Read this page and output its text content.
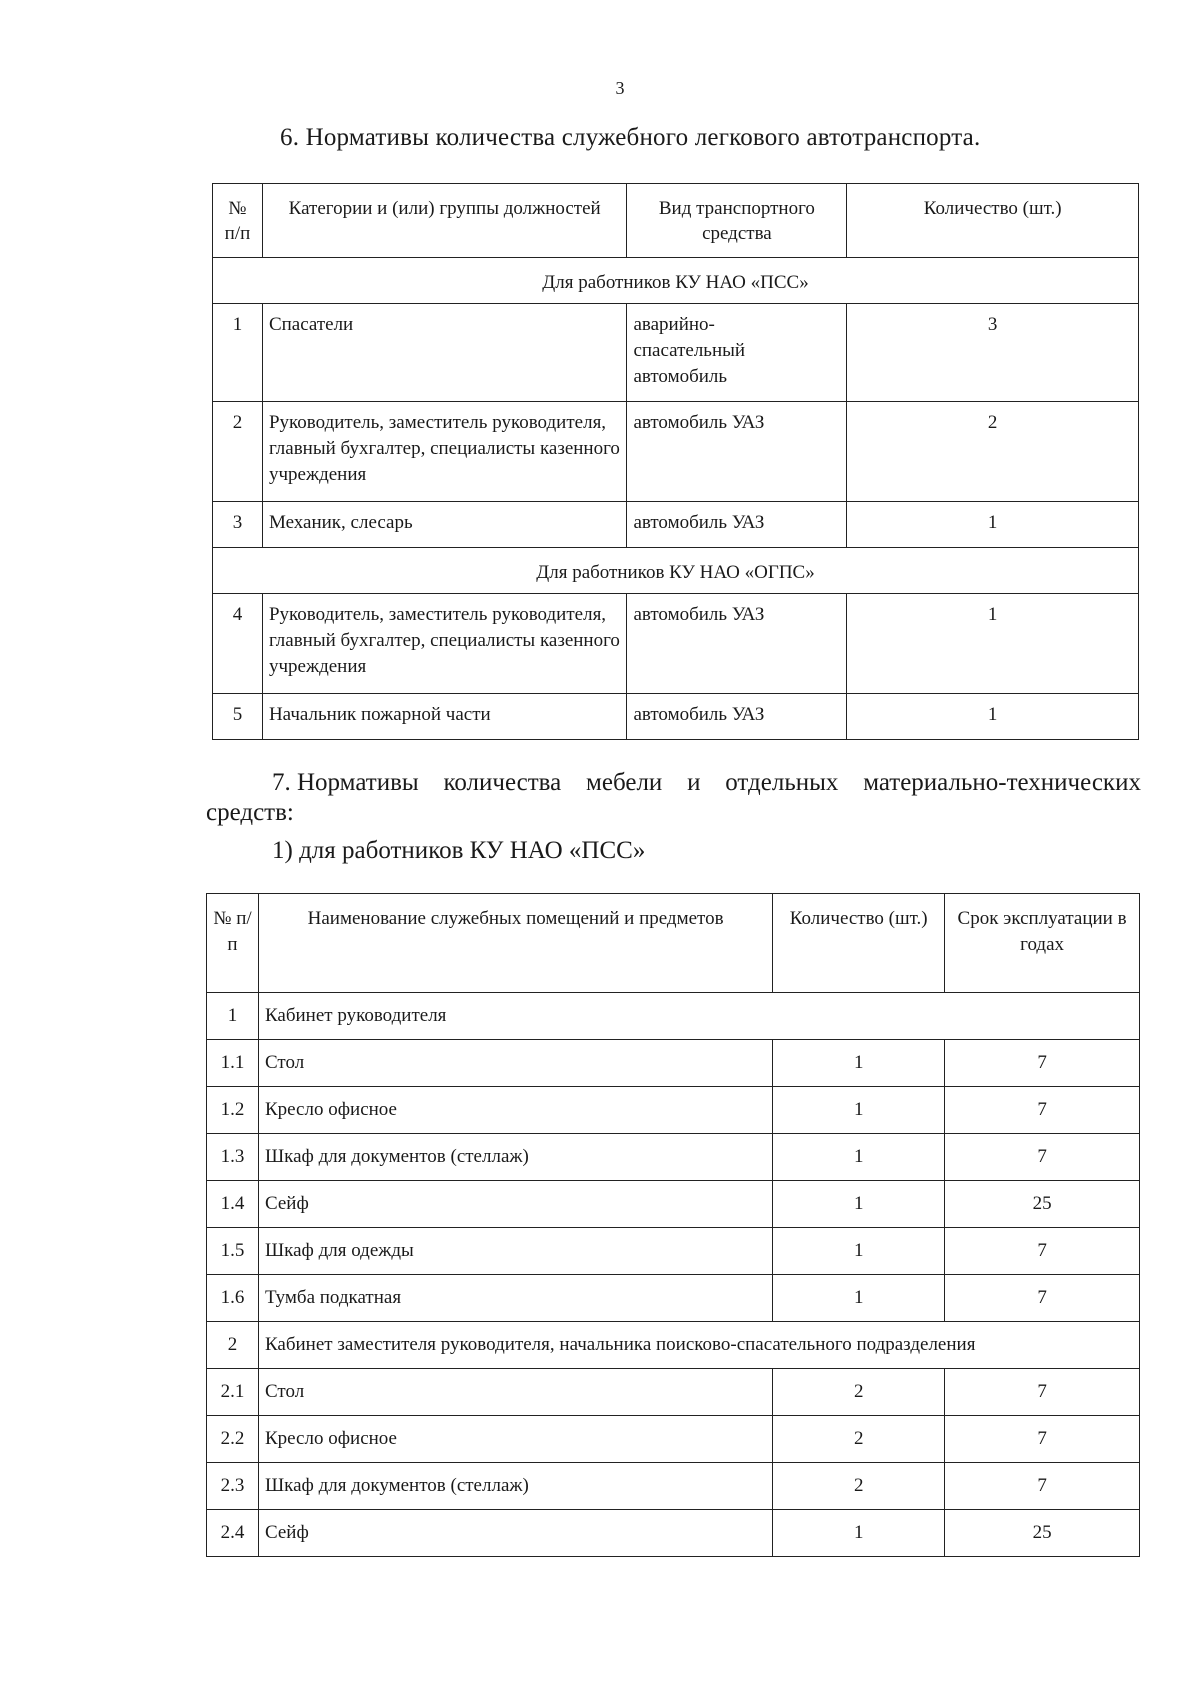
3
6. Нормативы количества служебного легкового автотранспорта.
№ п/п	Категории и (или) группы должностей	Вид транспортного средства	Количество (шт.)
Для работников КУ НАО «ПСС»			
1	Спасатели	аварийно-спасательный автомобиль	3
2	Руководитель, заместитель руководителя, главный бухгалтер, специалисты казенного учреждения	автомобиль УАЗ	2
3	Механик, слесарь	автомобиль УАЗ	1
Для работников КУ НАО «ОГПС»			
4	Руководитель, заместитель руководителя, главный бухгалтер, специалисты казенного учреждения	автомобиль УАЗ	1
5	Начальник пожарной части	автомобиль УАЗ	1
7. Нормативы количества мебели и отдельных материально-технических
средств:
1) для работников КУ НАО «ПСС»
№ п/п	Наименование служебных помещений и предметов	Количество (шт.)	Срок эксплуатации в годах
1	Кабинет руководителя		
1.1	Стол	1	7
1.2	Кресло офисное	1	7
1.3	Шкаф для документов (стеллаж)	1	7
1.4	Сейф	1	25
1.5	Шкаф для одежды	1	7
1.6	Тумба подкатная	1	7
2	Кабинет заместителя руководителя, начальника поисково-спасательного подразделения		
2.1	Стол	2	7
2.2	Кресло офисное	2	7
2.3	Шкаф для документов (стеллаж)	2	7
2.4	Сейф	1	25
